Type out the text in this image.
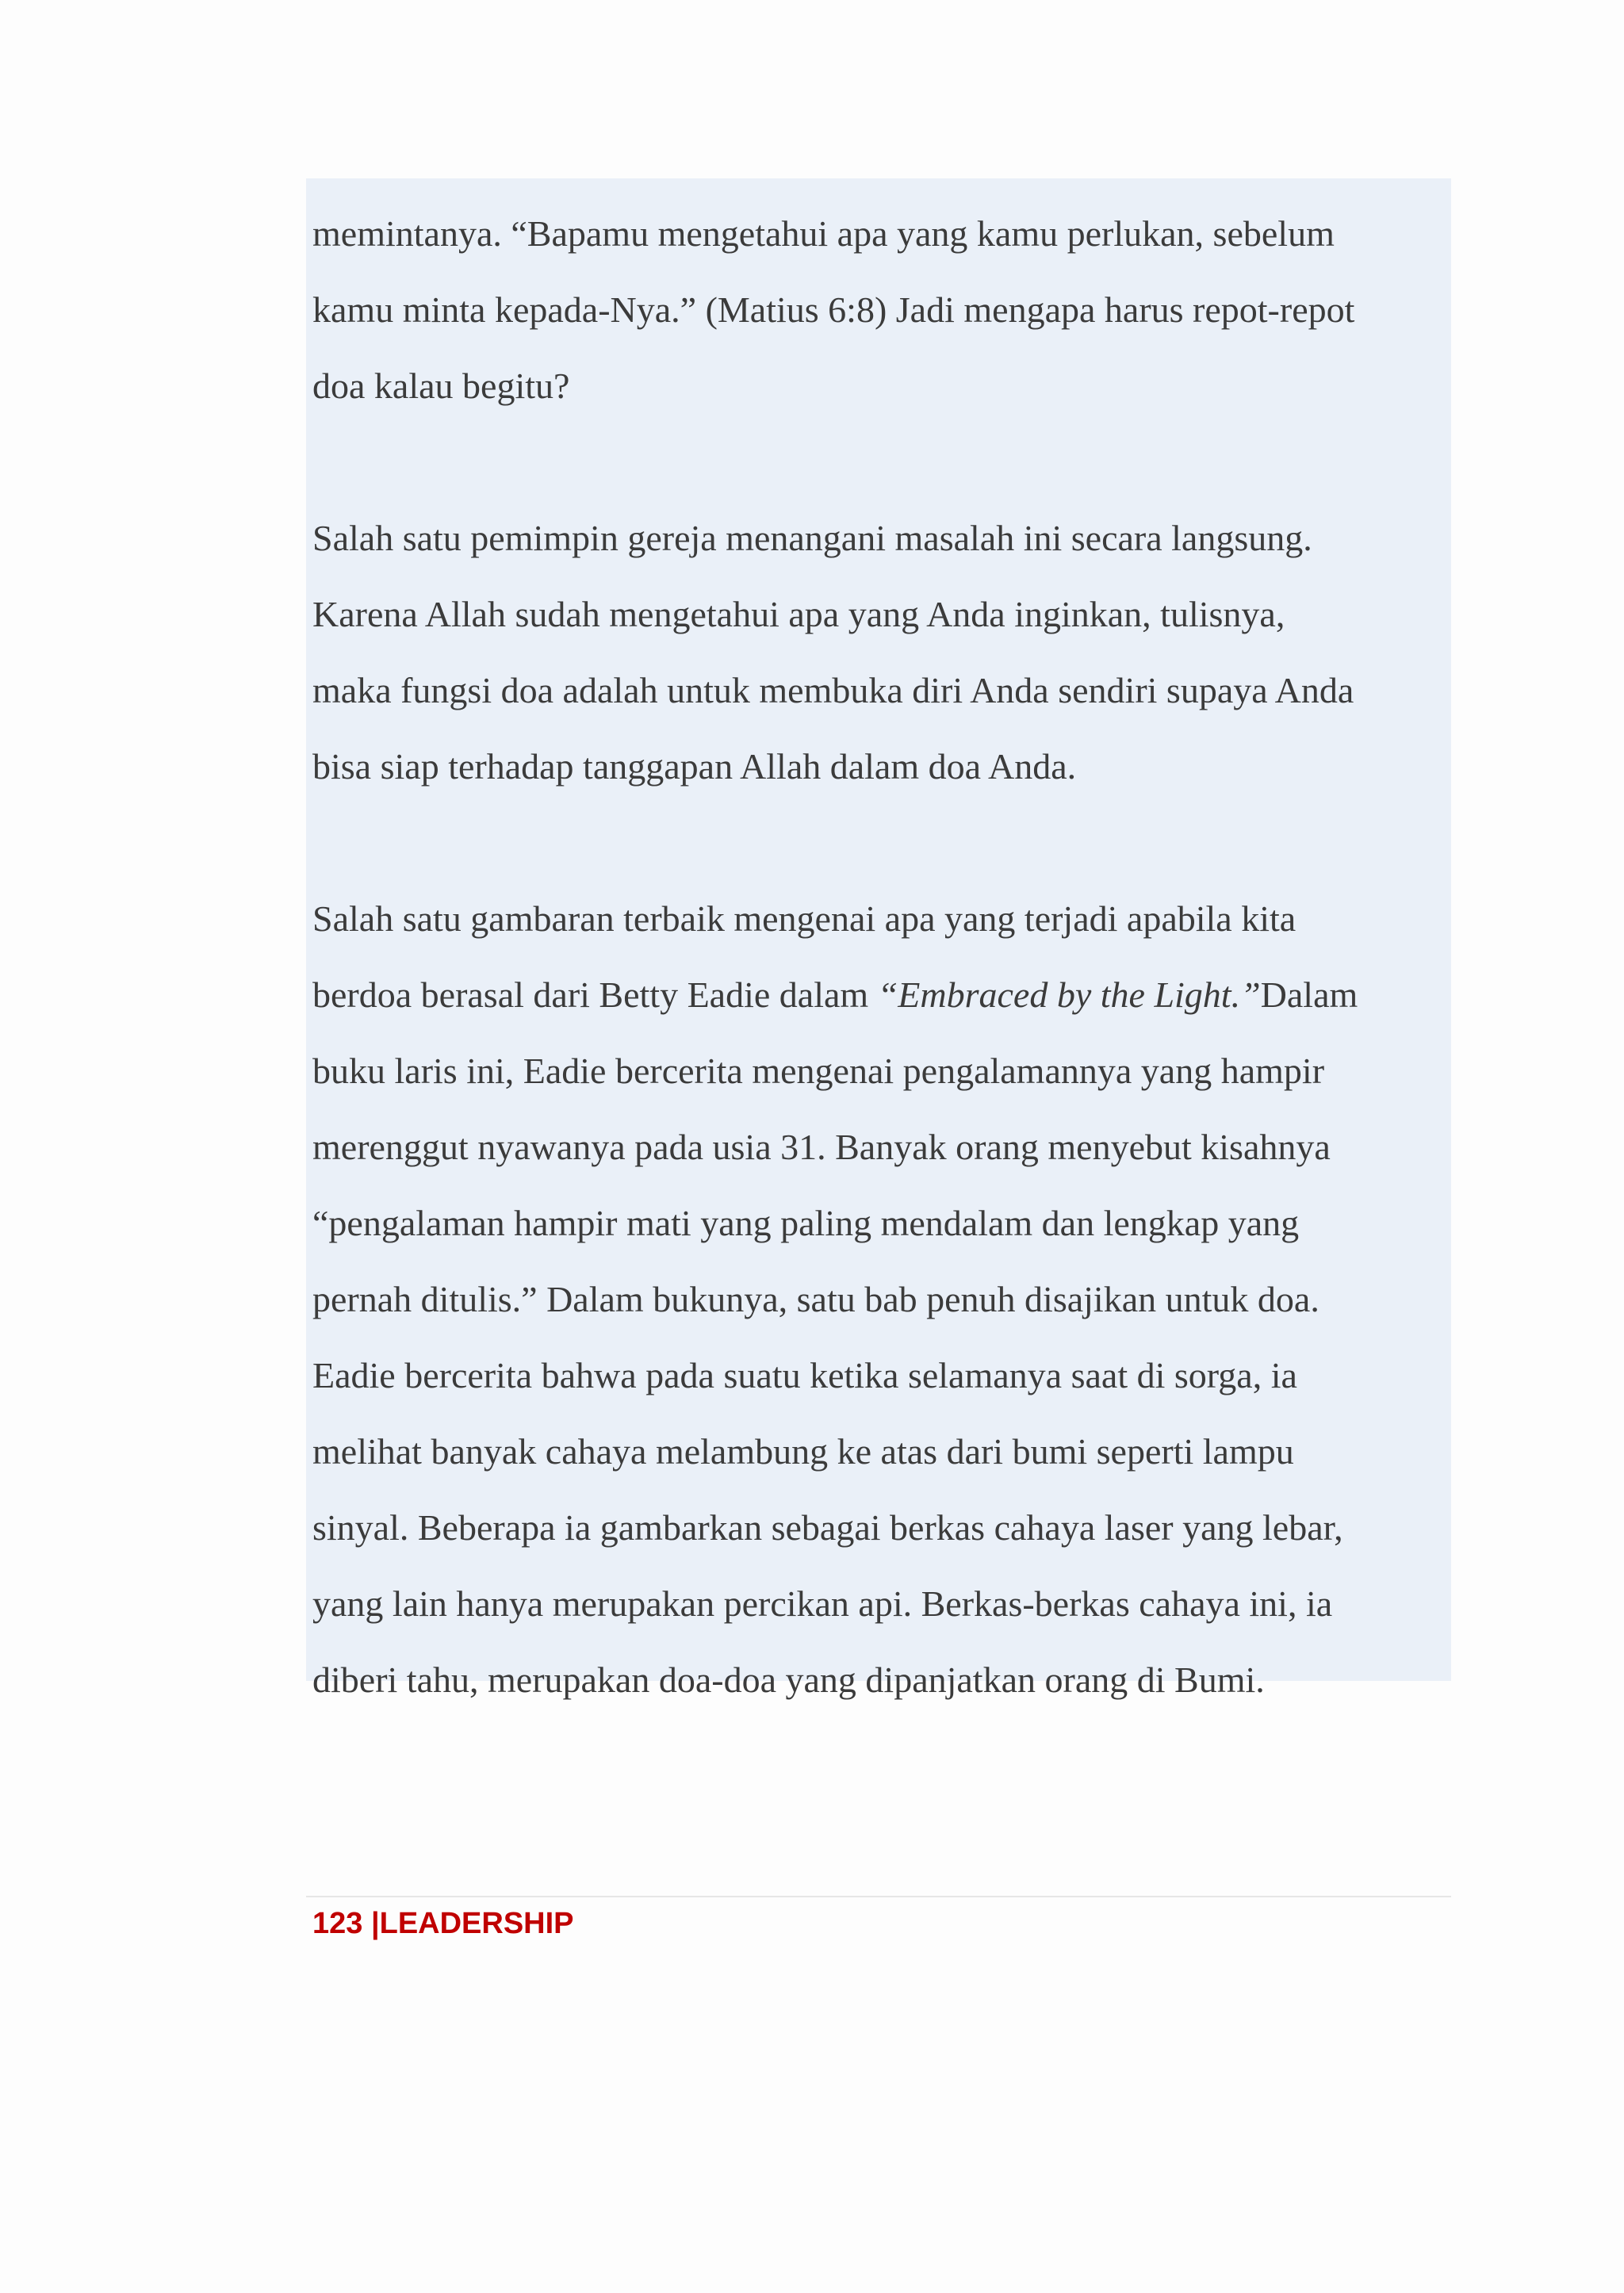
memintanya. “Bapamu mengetahui apa yang kamu perlukan, sebelum
kamu minta kepada-Nya.” (Matius 6:8) Jadi mengapa harus repot-repot
doa kalau begitu?

Salah satu pemimpin gereja menangani masalah ini secara langsung.
Karena Allah sudah mengetahui apa yang Anda inginkan, tulisnya,
maka fungsi doa adalah untuk membuka diri Anda sendiri supaya Anda
bisa siap terhadap tanggapan Allah dalam doa Anda.

Salah satu gambaran terbaik mengenai apa yang terjadi apabila kita
berdoa berasal dari Betty Eadie dalam “Embraced by the Light.”Dalam
buku laris ini, Eadie bercerita mengenai pengalamannya yang hampir
merenggut nyawanya pada usia 31. Banyak orang menyebut kisahnya
“pengalaman hampir mati yang paling mendalam dan lengkap yang
pernah ditulis.” Dalam bukunya, satu bab penuh disajikan untuk doa.
Eadie bercerita bahwa pada suatu ketika selamanya saat di sorga, ia
melihat banyak cahaya melambung ke atas dari bumi seperti lampu
sinyal. Beberapa ia gambarkan sebagai berkas cahaya laser yang lebar,
yang lain hanya merupakan percikan api. Berkas-berkas cahaya ini, ia
diberi tahu, merupakan doa-doa yang dipanjatkan orang di Bumi.

123 |LEADERSHIP
